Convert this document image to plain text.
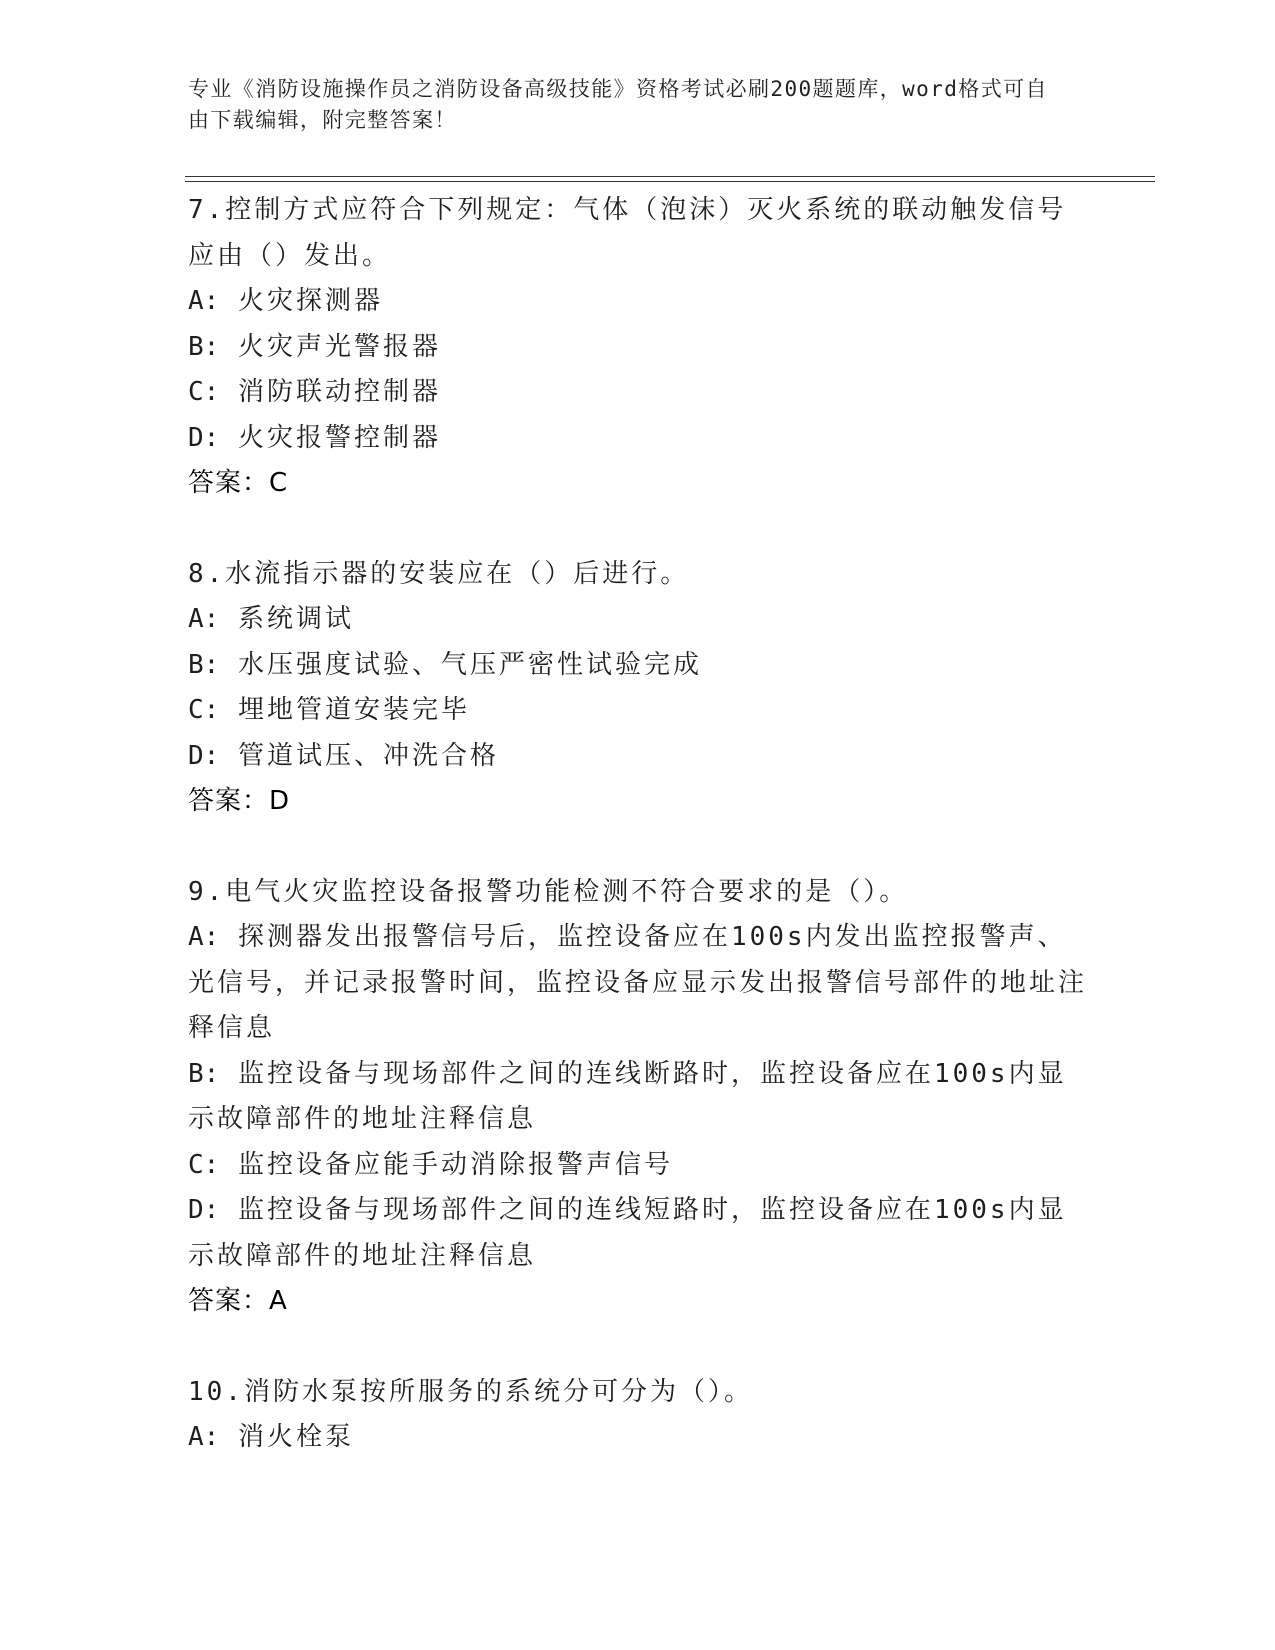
专业《消防设施操作员之消防设备高级技能》资格考试必刷200题题库，word格式可自由下载编辑，附完整答案！
7.控制方式应符合下列规定：气体（泡沫）灭火系统的联动触发信号应由（）发出。
A: 火灾探测器
B: 火灾声光警报器
C: 消防联动控制器
D: 火灾报警控制器
答案：C
8.水流指示器的安装应在（）后进行。
A: 系统调试
B: 水压强度试验、气压严密性试验完成
C: 埋地管道安装完毕
D: 管道试压、冲洗合格
答案：D
9.电气火灾监控设备报警功能检测不符合要求的是（）。
A: 探测器发出报警信号后，监控设备应在100s内发出监控报警声、光信号，并记录报警时间，监控设备应显示发出报警信号部件的地址注释信息
B: 监控设备与现场部件之间的连线断路时，监控设备应在100s内显示故障部件的地址注释信息
C: 监控设备应能手动消除报警声信号
D: 监控设备与现场部件之间的连线短路时，监控设备应在100s内显示故障部件的地址注释信息
答案：A
10.消防水泵按所服务的系统分可分为（）。
A: 消火栓泵
